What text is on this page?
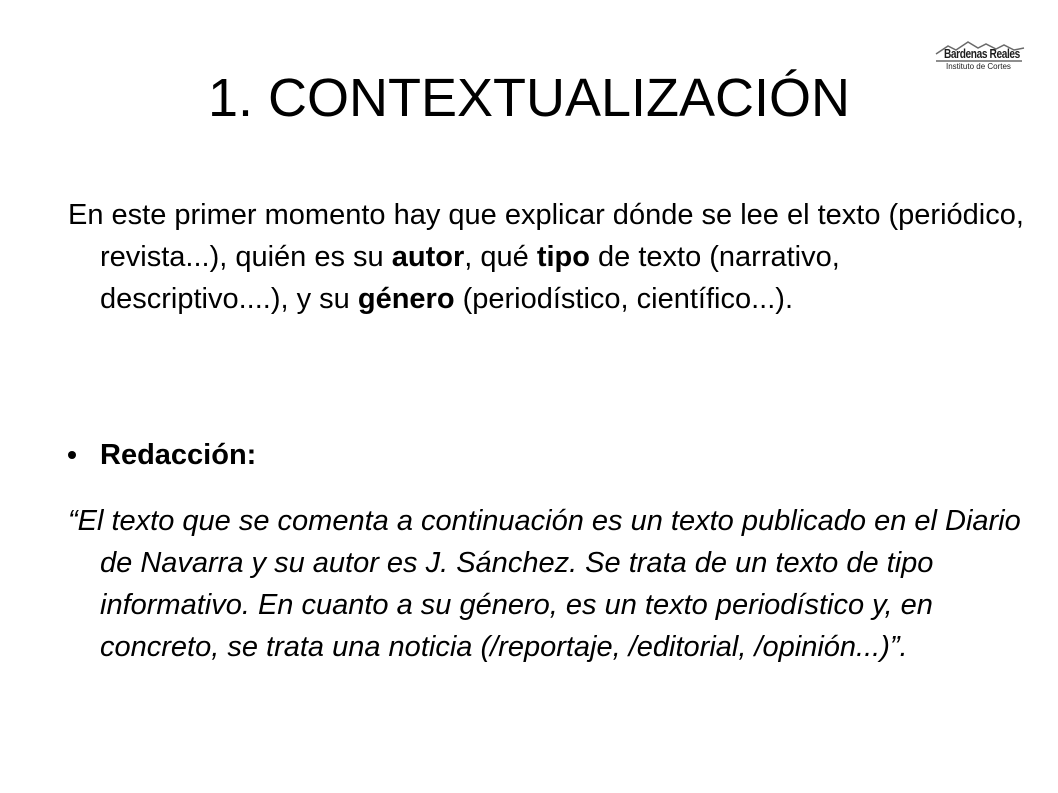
Bardenas Reales
Instituto de Cortes
1. CONTEXTUALIZACIÓN

En este primer momento hay que explicar dónde se lee el texto (periódico, revista...), quién es su autor, qué tipo de texto (narrativo, descriptivo....), y su género (periodístico, científico...).

Redacción:

“El texto que se comenta a continuación es un texto publicado en el Diario de Navarra y su autor es J. Sánchez. Se trata de un texto de tipo informativo. En cuanto a su género, es un texto periodístico y, en concreto, se trata una noticia (/reportaje, /editorial, /opinión...)”.
